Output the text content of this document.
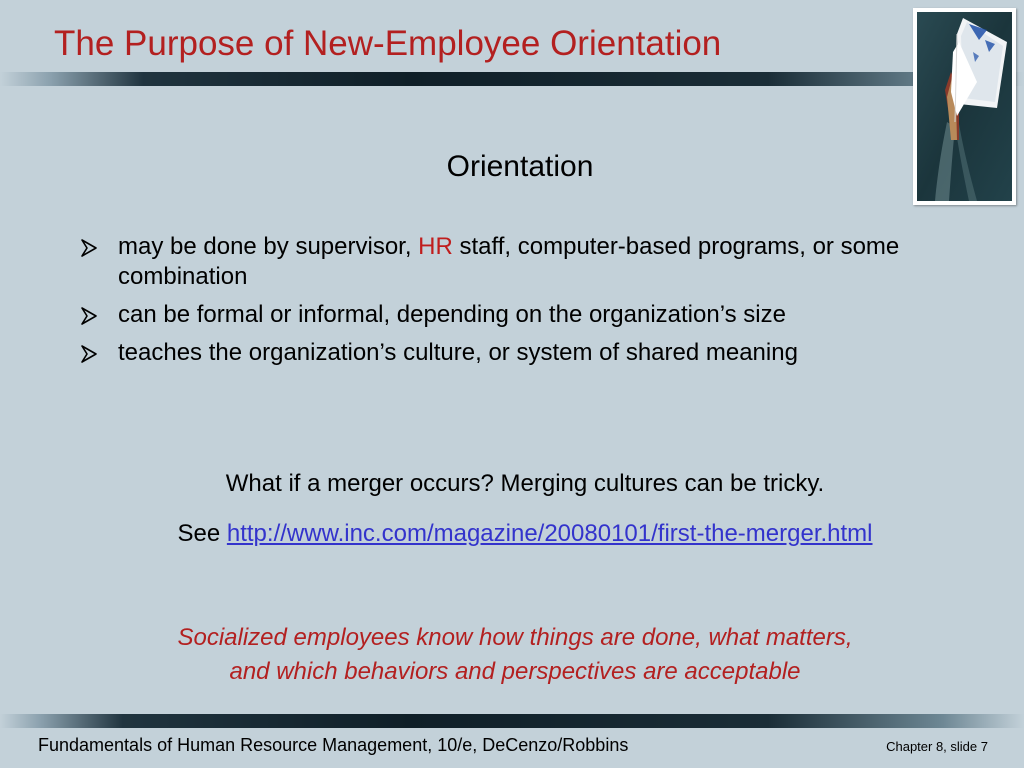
The Purpose of New-Employee Orientation
Orientation
may be done by supervisor, HR staff, computer-based programs, or some combination
can be formal or informal, depending on the organization’s size
teaches the organization’s culture, or system of shared meaning
What if a merger occurs? Merging cultures can be tricky.
See http://www.inc.com/magazine/20080101/first-the-merger.html
Socialized employees know how things are done, what matters,
and which behaviors and perspectives are acceptable
Fundamentals of Human Resource Management, 10/e, DeCenzo/Robbins	Chapter 8, slide 7
